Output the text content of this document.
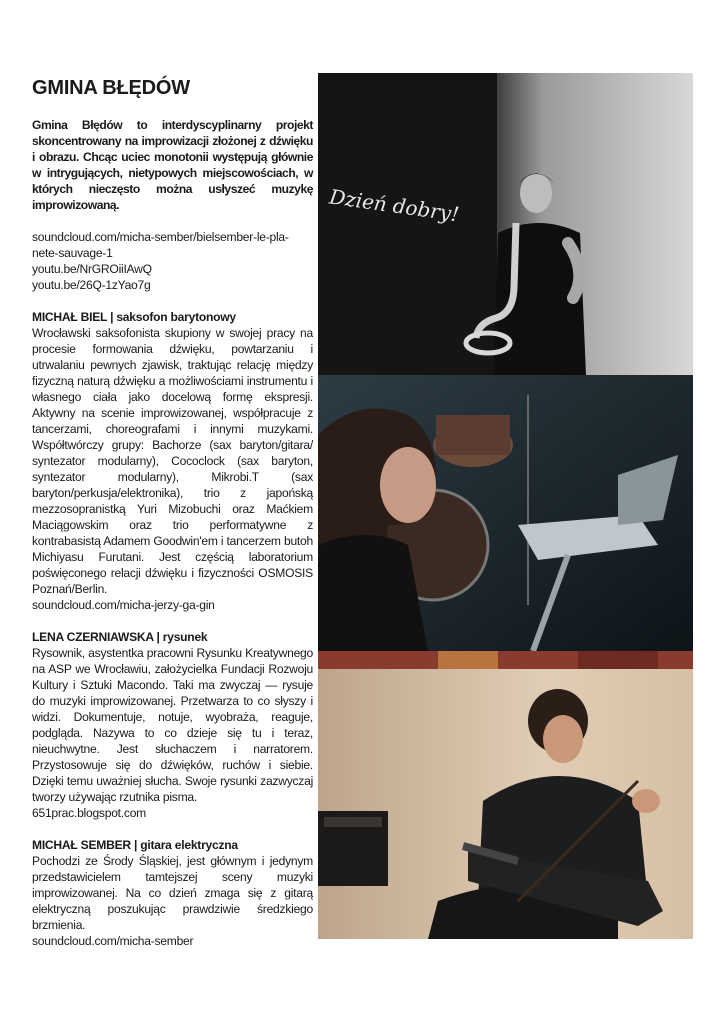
GMINA BŁĘDÓW

Gmina Błędów to interdyscyplinarny projekt skoncentrowany na improwizacji złożonej z dźwięku i obrazu. Chcąc uciec monotonii występują głównie w intrygujących, nietypowych miejscowościach, w których nieczęsto można usłyszeć muzykę improwizowaną.

soundcloud.com/micha-sember/bielsember-le-pla-
nete-sauvage-1
youtu.be/NrGROiiIAwQ
youtu.be/26Q-1zYao7g

MICHAŁ BIEL | saksofon barytonowy

Wrocławski saksofonista skupiony w swojej pracy na procesie formowania dźwięku, powtarzaniu i utrwalaniu pewnych zjawisk, traktując relację między fizyczną naturą dźwięku a możliwościami instrumentu i własnego ciała jako docelową formę ekspresji. Aktywny na scenie improwizowanej, współpracuje z tancerzami, choreografami i innymi muzykami. Współtwórczy grupy: Bachorze (sax baryton/gitara/ syntezator modularny), Cococlock (sax baryton, syntezator modularny), Mikrobi.T (sax baryton/perkusja/elektronika), trio z japońską mezzosopranistką Yuri Mizobuchi oraz Maćkiem Maciągowskim oraz trio performatywne z kontrabasistą Adamem Goodwin'em i tancerzem butoh Michiyasu Furutani. Jest częścią laboratorium poświęconego relacji dźwięku i fizyczności OSMOSIS Poznań/Berlin.

soundcloud.com/micha-jerzy-ga-gin

LENA CZERNIAWSKA | rysunek

Rysownik, asystentka pracowni Rysunku Kreatywnego na ASP we Wrocławiu, założycielka Fundacji Rozwoju Kultury i Sztuki Macondo. Taki ma zwyczaj — rysuje do muzyki improwizowanej. Przetwarza to co słyszy i widzi. Dokumentuje, notuje, wyobraża, reaguje, podgląda. Nazywa to co dzieje się tu i teraz, nieuchwytne. Jest słuchaczem i narratorem. Przystosowuje się do dźwięków, ruchów i siebie. Dzięki temu uważniej słucha. Swoje rysunki zazwyczaj tworzy używając rzutnika pisma.

651prac.blogspot.com

MICHAŁ SEMBER | gitara elektryczna

Pochodzi ze Środy Śląskiej, jest głównym i jedynym przedstawicielem tamtejszej sceny muzyki improwizowanej. Na co dzień zmaga się z gitarą elektryczną poszukując prawdziwie średzkiego brzmienia.

soundcloud.com/micha-sember
Dzień dobry!
